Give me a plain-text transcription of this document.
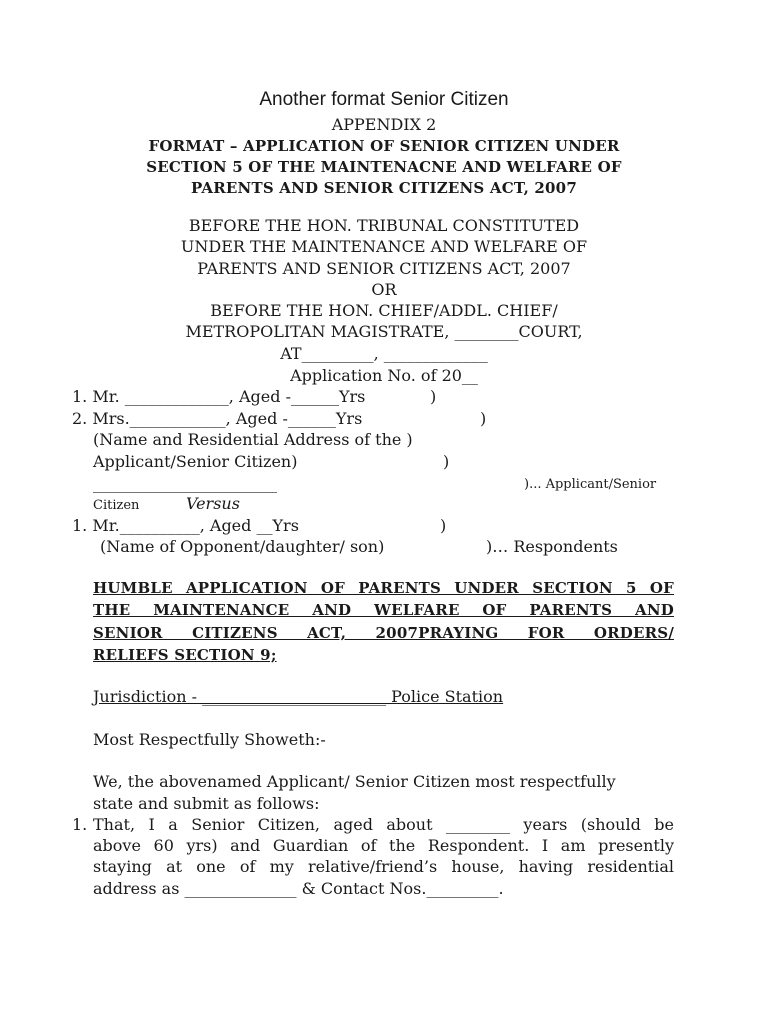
Another format Senior Citizen
APPENDIX 2
FORMAT – APPLICATION OF SENIOR CITIZEN UNDER
SECTION 5 OF THE MAINTENACNE AND WELFARE OF
PARENTS AND SENIOR CITIZENS ACT, 2007
BEFORE THE HON. TRIBUNAL CONSTITUTED
UNDER THE MAINTENANCE AND WELFARE OF
PARENTS AND SENIOR CITIZENS ACT, 2007
OR
BEFORE THE HON. CHIEF/ADDL. CHIEF/
METROPOLITAN MAGISTRATE, ________COURT,
AT_________, _____________
Application No. of 20__
1. Mr. _____________, Aged -______Yrs	)
2. Mrs.____________, Aged -______Yrs	)
(Name and Residential Address of the )
Applicant/Senior Citizen)	)
_______________________	)... Applicant/Senior
Citizen	Versus
1. Mr.__________, Aged __Yrs	)
(Name of Opponent/daughter/ son)	)… Respondents
HUMBLE APPLICATION OF PARENTS UNDER SECTION 5 OF
THE MAINTENANCE AND WELFARE OF PARENTS AND
SENIOR CITIZENS ACT, 2007PRAYING FOR ORDERS/
RELIEFS SECTION 9;
Jurisdiction - _______________________ Police Station
Most Respectfully Showeth:-
We, the abovenamed Applicant/ Senior Citizen most respectfully
state and submit as follows:
1. That, I a Senior Citizen, aged about ________ years (should be
above 60 yrs) and Guardian of the Respondent. I am presently
staying at one of my relative/friend’s house, having residential
address as ______________ & Contact Nos._________.
